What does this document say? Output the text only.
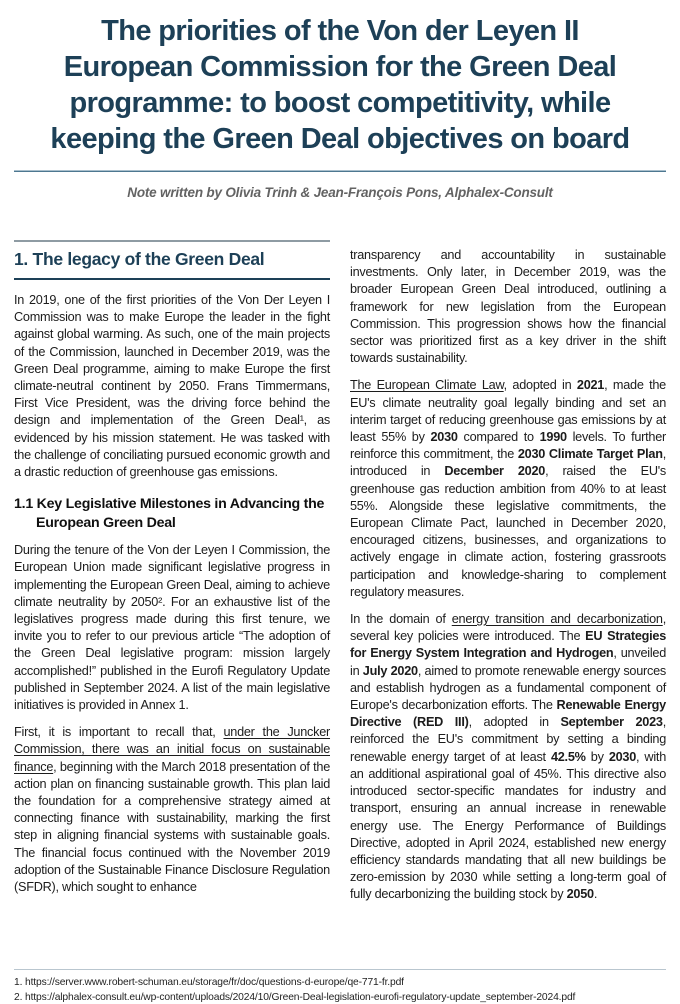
The priorities of the Von der Leyen II
European Commission for the Green Deal
programme: to boost competitivity, while
keeping the Green Deal objectives on board
Note written by Olivia Trinh & Jean-François Pons, Alphalex-Consult
1. The legacy of the Green Deal

In 2019, one of the first priorities of the Von Der Leyen I Commission was to make Europe the leader in the fight against global warming. As such, one of the main projects of the Commission, launched in December 2019, was the Green Deal programme, aiming to make Europe the first climate-neutral continent by 2050. Frans Timmermans, First Vice President, was the driving force behind the design and implementation of the Green Deal¹, as evidenced by his mission statement. He was tasked with the challenge of conciliating pursued economic growth and a drastic reduction of greenhouse gas emissions.

1.1 Key Legislative Milestones in Advancing the European Green Deal

During the tenure of the Von der Leyen I Commission, the European Union made significant legislative progress in implementing the European Green Deal, aiming to achieve climate neutrality by 2050². For an exhaustive list of the legislatives progress made during this first tenure, we invite you to refer to our previous article “The adoption of the Green Deal legislative program: mission largely accomplished!” published in the Eurofi Regulatory Update published in September 2024. A list of the main legislative initiatives is provided in Annex 1.

First, it is important to recall that, under the Juncker Commission, there was an initial focus on sustainable finance, beginning with the March 2018 presentation of the action plan on financing sustainable growth. This plan laid the foundation for a comprehensive strategy aimed at connecting finance with sustainability, marking the first step in aligning financial systems with sustainable goals. The financial focus continued with the November 2019 adoption of the Sustainable Finance Disclosure Regulation (SFDR), which sought to enhance

transparency and accountability in sustainable investments. Only later, in December 2019, was the broader European Green Deal introduced, outlining a framework for new legislation from the European Commission. This progression shows how the financial sector was prioritized first as a key driver in the shift towards sustainability.

The European Climate Law, adopted in 2021, made the EU's climate neutrality goal legally binding and set an interim target of reducing greenhouse gas emissions by at least 55% by 2030 compared to 1990 levels. To further reinforce this commitment, the 2030 Climate Target Plan, introduced in December 2020, raised the EU's greenhouse gas reduction ambition from 40% to at least 55%. Alongside these legislative commitments, the European Climate Pact, launched in December 2020, encouraged citizens, businesses, and organizations to actively engage in climate action, fostering grassroots participation and knowledge-sharing to complement regulatory measures.

In the domain of energy transition and decarbonization, several key policies were introduced. The EU Strategies for Energy System Integration and Hydrogen, unveiled in July 2020, aimed to promote renewable energy sources and establish hydrogen as a fundamental component of Europe's decarbonization efforts. The Renewable Energy Directive (RED III), adopted in September 2023, reinforced the EU's commitment by setting a binding renewable energy target of at least 42.5% by 2030, with an additional aspirational goal of 45%. This directive also introduced sector-specific mandates for industry and transport, ensuring an annual increase in renewable energy use. The Energy Performance of Buildings Directive, adopted in April 2024, established new energy efficiency standards mandating that all new buildings be zero-emission by 2030 while setting a long-term goal of fully decarbonizing the building stock by 2050.

1. https://server.www.robert-schuman.eu/storage/fr/doc/questions-d-europe/qe-771-fr.pdf
2. https://alphalex-consult.eu/wp-content/uploads/2024/10/Green-Deal-legislation-eurofi-regulatory-update_september-2024.pdf
